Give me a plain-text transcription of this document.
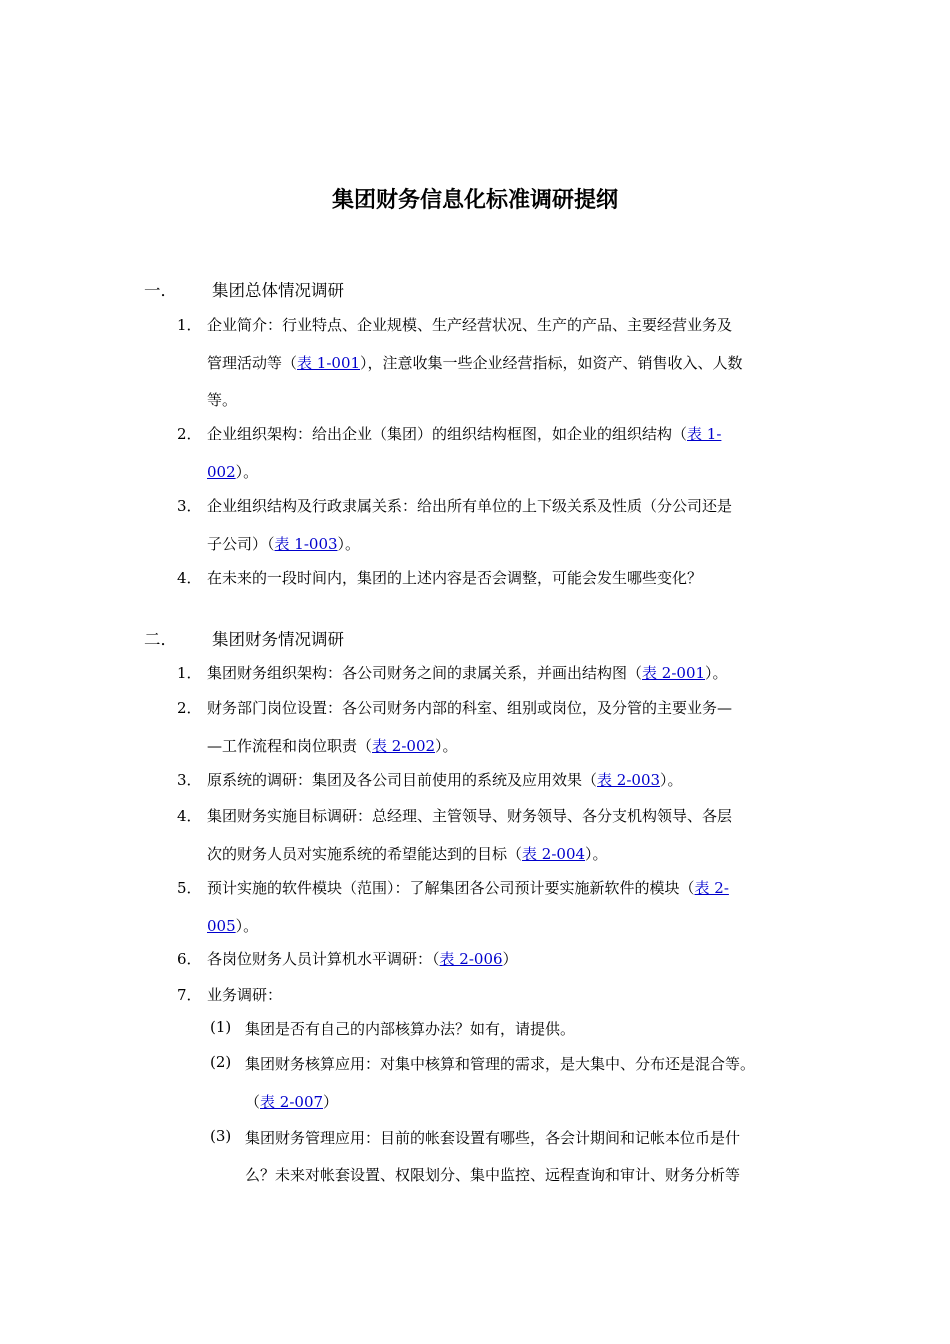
集团财务信息化标准调研提纲
一． 集团总体情况调研
1． 企业简介：行业特点、企业规模、生产经营状况、生产的产品、主要经营业务及
管理活动等（表 1-001），注意收集一些企业经营指标，如资产、销售收入、人数
等。
2． 企业组织架构：给出企业（集团）的组织结构框图，如企业的组织结构（表 1-
002）。
3． 企业组织结构及行政隶属关系：给出所有单位的上下级关系及性质（分公司还是
子公司）（表 1-003）。
4． 在未来的一段时间内，集团的上述内容是否会调整，可能会发生哪些变化？
二． 集团财务情况调研
1． 集团财务组织架构：各公司财务之间的隶属关系，并画出结构图（表 2-001）。
2． 财务部门岗位设置：各公司财务内部的科室、组别或岗位，及分管的主要业务—
—工作流程和岗位职责（表 2-002）。
3． 原系统的调研：集团及各公司目前使用的系统及应用效果（表 2-003）。
4． 集团财务实施目标调研：总经理、主管领导、财务领导、各分支机构领导、各层
次的财务人员对实施系统的希望能达到的目标（表 2-004）。
5． 预计实施的软件模块（范围）：了解集团各公司预计要实施新软件的模块（表 2-
005）。
6． 各岗位财务人员计算机水平调研：（表 2-006）
7． 业务调研：
(1) 集团是否有自己的内部核算办法？如有，请提供。
(2) 集团财务核算应用：对集中核算和管理的需求，是大集中、分布还是混合等。
（表 2-007）
(3) 集团财务管理应用：目前的帐套设置有哪些，各会计期间和记帐本位币是什
么？未来对帐套设置、权限划分、集中监控、远程查询和审计、财务分析等
